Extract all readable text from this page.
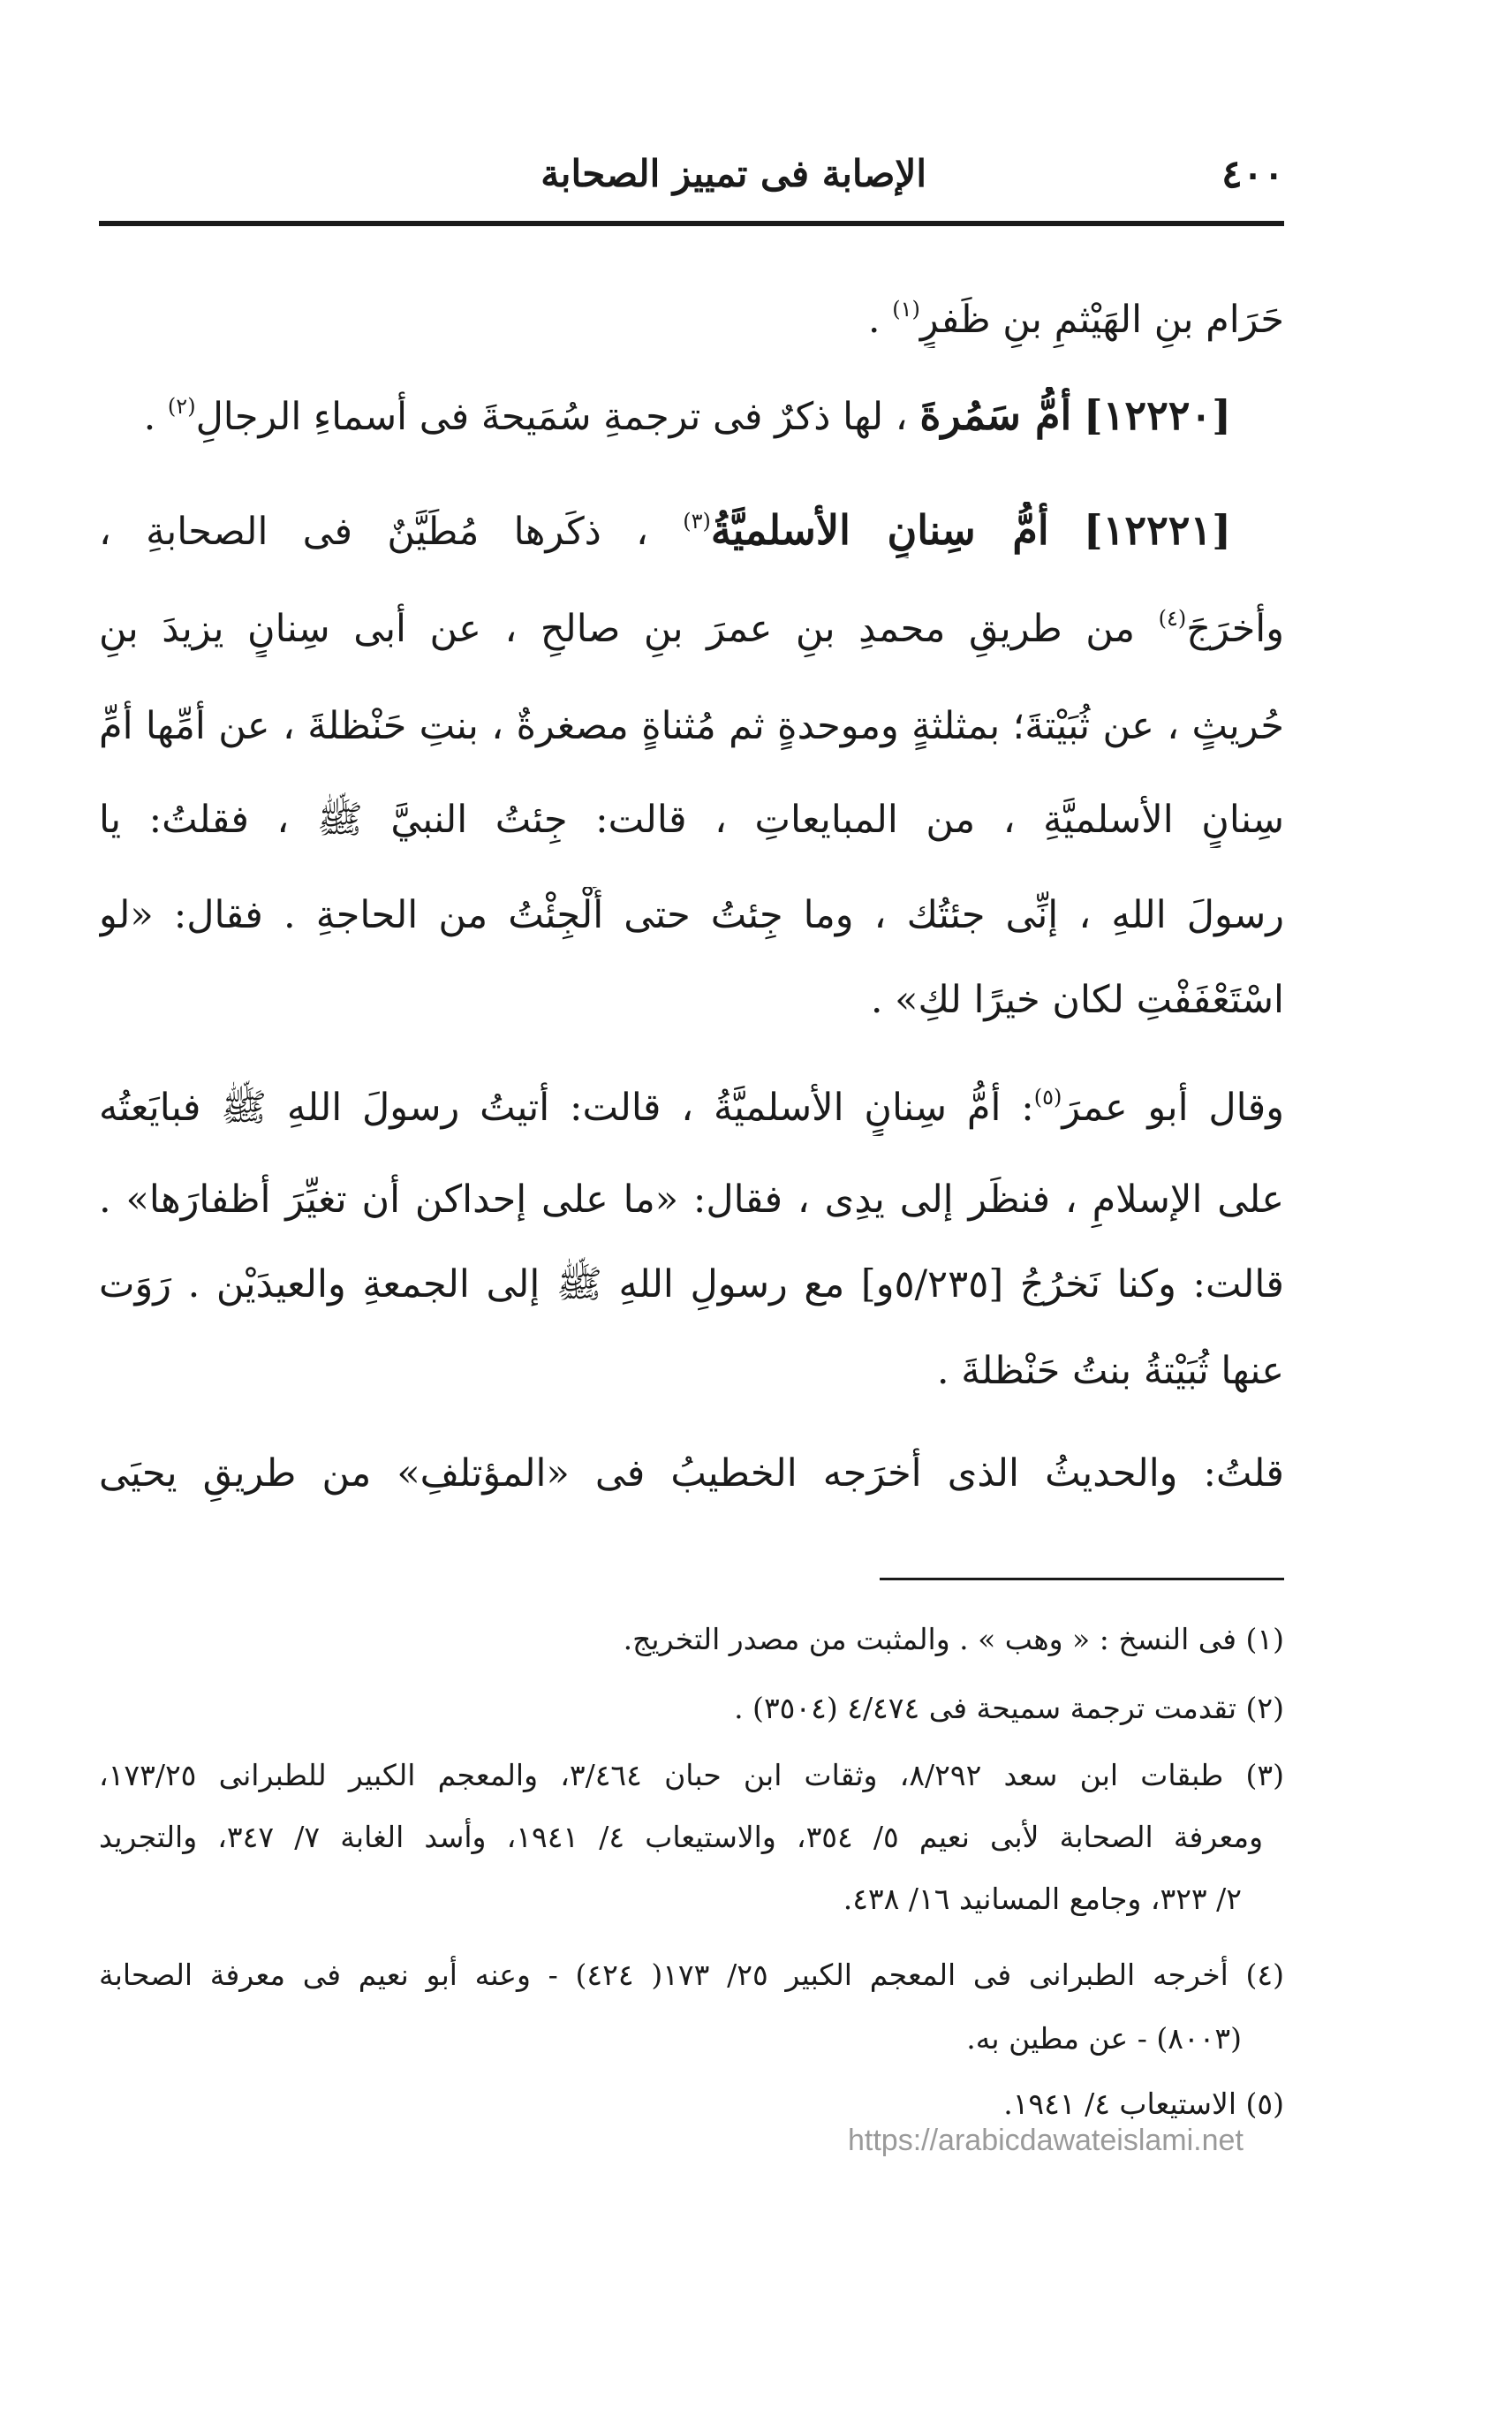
٤٠٠
الإصابة فى تمييز الصحابة
حَرَام بنِ الهَيْثمِ بنِ ظَفرٍ$^{(١)}$ .
[١٢٢٢٠] أمُّ سَمُرةَ ، لها ذكرٌ فى ترجمةِ سُمَيحةَ فى أسماءِ الرجالِ$^{(٢)}$ .
[١٢٢٢١] أمُّ سِنانٍ الأسلميَّةُ$^{(٣)}$ ، ذكَرها مُطَيَّنٌ فى الصحابةِ ،
وأخرَجَ$^{(٤)}$ من طريقِ محمدِ بنِ عمرَ بنِ صالحٍ ، عن أبى سِنانٍ يزيدَ بنِ
حُريثٍ ، عن ثُبَيْتةَ؛ بمثلثةٍ وموحدةٍ ثم مُثناةٍ مصغرةٌ ، بنتِ حَنْظلةَ ، عن أمِّها أمِّ
سِنانٍ الأسلميَّةِ ، من المبايعاتِ ، قالت: جِئتُ النبيَّ ﷺ ، فقلتُ: يا
رسولَ اللهِ ، إنِّى جئتُك ، وما جِئتُ حتى أُلْجِئْتُ من الحاجةِ . فقال: «لو
اسْتَعْفَفْتِ لكان خيرًا لكِ» .
وقال أبو عمرَ$^{(٥)}$: أمُّ سِنانٍ الأسلميَّةُ ، قالت: أتيتُ رسولَ اللهِ ﷺ فبايَعتُه
على الإسلامِ ، فنظَر إلى يدِى ، فقال: «ما على إحداكن أن تغيِّرَ أظفارَها» .
قالت: وكنا نَخرُجُ [٥/٢٣٥و] مع رسولِ اللهِ ﷺ إلى الجمعةِ والعيدَيْن . رَوَت
عنها ثُبَيْتةُ بنتُ حَنْظلةَ .
قلتُ: والحديثُ الذى أخرَجه الخطيبُ فى «المؤتلفِ» من طريقِ يحيَى
(١) فى النسخ : « وهب » . والمثبت من مصدر التخريج.
(٢) تقدمت ترجمة سميحة فى ٤/٤٧٤ (٣٥٠٤) .
(٣) طبقات ابن سعد ٨/٢٩٢، وثقات ابن حبان ٣/٤٦٤، والمعجم الكبير للطبرانى ١٧٣/٢٥،
ومعرفة الصحابة لأبى نعيم ٥/ ٣٥٤، والاستيعاب ٤/ ١٩٤١، وأسد الغابة ٧/ ٣٤٧، والتجريد
٢/ ٣٢٣، وجامع المسانيد ١٦/ ٤٣٨.
(٤) أخرجه الطبرانى فى المعجم الكبير ٢٥/ ١٧٣( ٤٢٤) - وعنه أبو نعيم فى معرفة الصحابة
(٨٠٠٣) - عن مطين به.
(٥) الاستيعاب ٤/ ١٩٤١.
https://arabicdawateislami.net
